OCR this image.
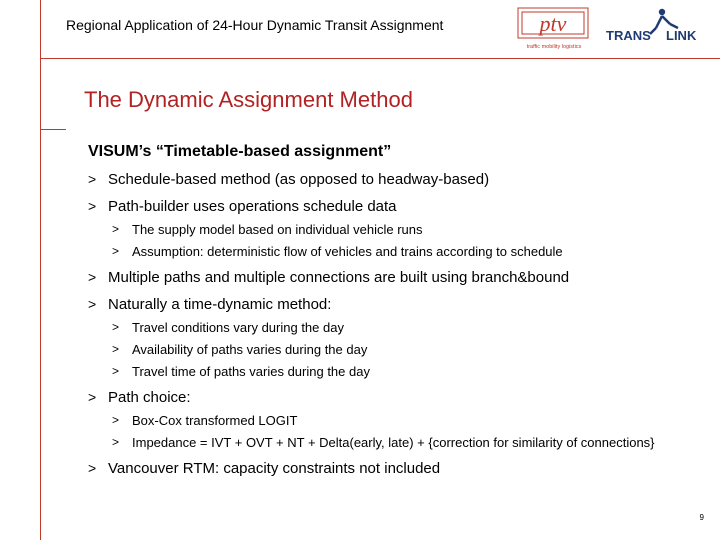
Regional Application of 24-Hour Dynamic Transit Assignment	ptv
traffic mobility logistics
TRANS LINK
The Dynamic Assignment Method
VISUM’s “Timetable-based assignment”
> Schedule-based method (as opposed to headway-based)
> Path-builder uses operations schedule data
> The supply model based on individual vehicle runs
> Assumption: deterministic flow of vehicles and trains according to schedule
> Multiple paths and multiple connections are built using branch&bound
> Naturally a time-dynamic method:
> Travel conditions vary during the day
> Availability of paths varies during the day
> Travel time of paths varies during the day
> Path choice:
> Box-Cox transformed LOGIT
> Impedance = IVT + OVT + NT + Delta(early, late) + {correction for similarity of connections}
> Vancouver RTM: capacity constraints not included
9
